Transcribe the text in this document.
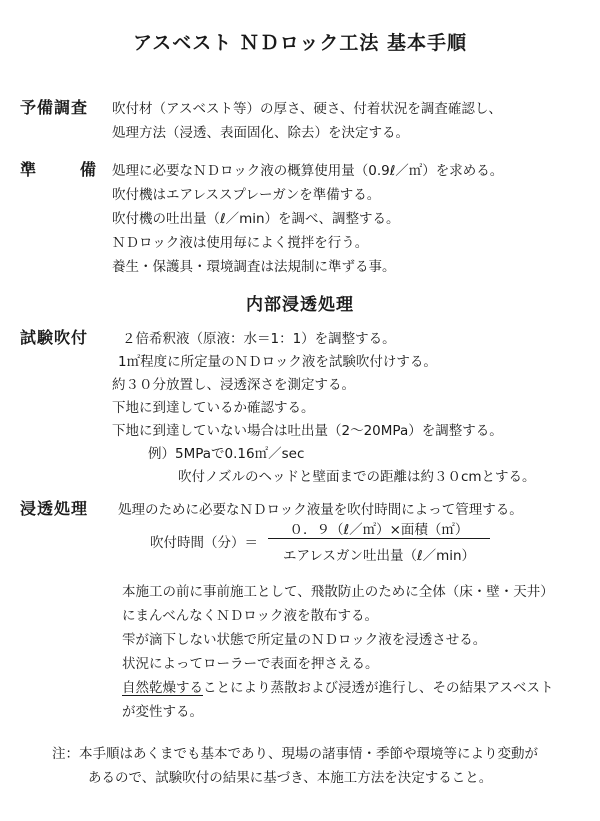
アスベスト ＮＤロック工法 基本手順
予備調査 吹付材（アスベスト等）の厚さ、硬さ、付着状況を調査確認し、
処理方法（浸透、表面固化、除去）を決定する。
準　備 処理に必要なＮＤロック液の概算使用量（0.9ℓ／㎡）を求める。
吹付機はエアレススプレーガンを準備する。
吹付機の吐出量（ℓ／min）を調べ、調整する。
ＮＤロック液は使用毎によく撹拌を行う。
養生・保護具・環境調査は法規制に準ずる事。
内部浸透処理
試験吹付	２倍希釈液（原液：水＝1：1）を調整する。
1㎡程度に所定量のＮＤロック液を試験吹付けする。
約３０分放置し、浸透深さを測定する。
下地に到達しているか確認する。
下地に到達していない場合は吐出量（2～20MPa）を調整する。
例）5MPaで0.16㎡／sec
吹付ノズルのヘッドと壁面までの距離は約３０cmとする。
浸透処理 処理のために必要なＮＤロック液量を吹付時間によって管理する。
吹付時間（分）＝
０．９（ℓ／㎡）×面積（㎡）
エアレスガン吐出量（ℓ／min）
本施工の前に事前施工として、飛散防止のために全体（床・壁・天井）
にまんべんなくＮＤロック液を散布する。
雫が滴下しない状態で所定量のＮＤロック液を浸透させる。
状況によってローラーで表面を押さえる。
自然乾燥することにより蒸散および浸透が進行し、その結果アスベスト
が変性する。
注：本手順はあくまでも基本であり、現場の諸事情・季節や環境等により変動が
あるので、試験吹付の結果に基づき、本施工方法を決定すること。
